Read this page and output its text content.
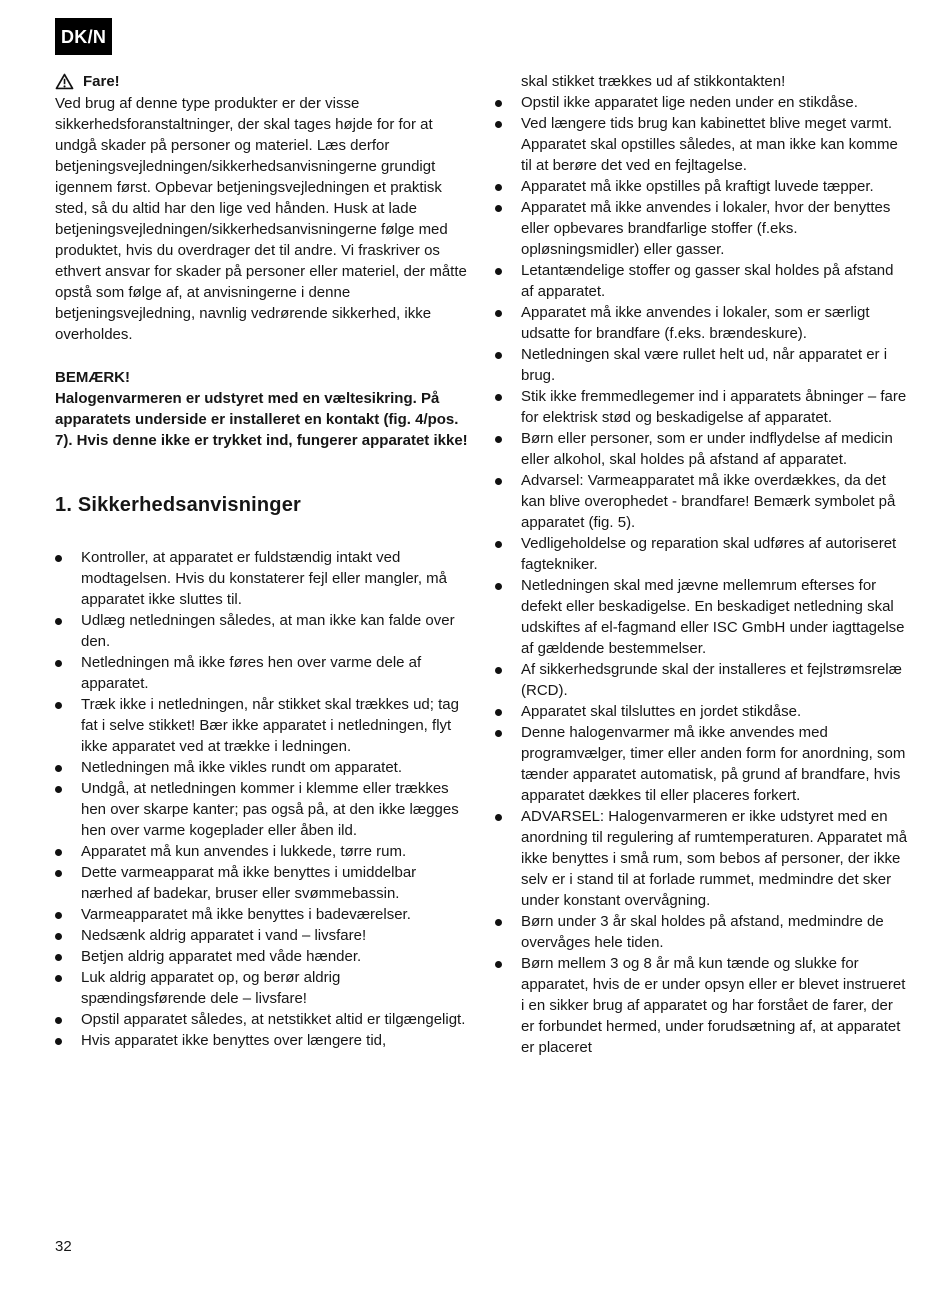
DK/N
Fare!

Ved brug af denne type produkter er der visse sikkerhedsforanstaltninger, der skal tages højde for for at undgå skader på personer og materiel. Læs derfor betjeningsvejledningen/sikkerhedsanvisningerne grundigt igennem først. Opbevar betjeningsvejledningen et praktisk sted, så du altid har den lige ved hånden. Husk at lade betjeningsvejledningen/sikkerhedsanvisningerne følge med produktet, hvis du overdrager det til andre. Vi fraskriver os ethvert ansvar for skader på personer eller materiel, der måtte opstå som følge af, at anvisningerne i denne betjeningsvejledning, navnlig vedrørende sikkerhed, ikke overholdes.

BEMÆRK!

Halogenvarmeren er udstyret med en væltesikring. På apparatets underside er installeret en kontakt (fig. 4/pos. 7). Hvis denne ikke er trykket ind, fungerer apparatet ikke!

1. Sikkerhedsanvisninger
Kontroller, at apparatet er fuldstændig intakt ved modtagelsen. Hvis du konstaterer fejl eller mangler, må apparatet ikke sluttes til.
Udlæg netledningen således, at man ikke kan falde over den.
Netledningen må ikke føres hen over varme dele af apparatet.
Træk ikke i netledningen, når stikket skal trækkes ud; tag fat i selve stikket! Bær ikke apparatet i netledningen, flyt ikke apparatet ved at trække i ledningen.
Netledningen må ikke vikles rundt om apparatet.
Undgå, at netledningen kommer i klemme eller trækkes hen over skarpe kanter; pas også på, at den ikke lægges hen over varme kogeplader eller åben ild.
Apparatet må kun anvendes i lukkede, tørre rum.
Dette varmeapparat må ikke benyttes i umiddelbar nærhed af badekar, bruser eller svømmebassin.
Varmeapparatet må ikke benyttes i badeværelser.
Nedsænk aldrig apparatet i vand – livsfare!
Betjen aldrig apparatet med våde hænder.
Luk aldrig apparatet op, og berør aldrig spændingsførende dele – livsfare!
Opstil apparatet således, at netstikket altid er tilgængeligt.
Hvis apparatet ikke benyttes over længere tid,

skal stikket trækkes ud af stikkontakten!

Opstil ikke apparatet lige neden under en stikdåse.
Ved længere tids brug kan kabinettet blive meget varmt. Apparatet skal opstilles således, at man ikke kan komme til at berøre det ved en fejltagelse.
Apparatet må ikke opstilles på kraftigt luvede tæpper.
Apparatet må ikke anvendes i lokaler, hvor der benyttes eller opbevares brandfarlige stoffer (f.eks. opløsningsmidler) eller gasser.
Letantændelige stoffer og gasser skal holdes på afstand af apparatet.
Apparatet må ikke anvendes i lokaler, som er særligt udsatte for brandfare (f.eks. brændeskure).
Netledningen skal være rullet helt ud, når apparatet er i brug.
Stik ikke fremmedlegemer ind i apparatets åbninger – fare for elektrisk stød og beskadigelse af apparatet.
Børn eller personer, som er under indflydelse af medicin eller alkohol, skal holdes på afstand af apparatet.
Advarsel: Varmeapparatet må ikke overdækkes, da det kan blive overophedet - brandfare! Bemærk symbolet på apparatet (fig. 5).
Vedligeholdelse og reparation skal udføres af autoriseret fagtekniker.
Netledningen skal med jævne mellemrum efterses for defekt eller beskadigelse. En beskadiget netledning skal udskiftes af el-fagmand eller ISC GmbH under iagttagelse af gældende bestemmelser.
Af sikkerhedsgrunde skal der installeres et fejlstrømsrelæ (RCD).
Apparatet skal tilsluttes en jordet stikdåse.
Denne halogenvarmer må ikke anvendes med programvælger, timer eller anden form for anordning, som tænder apparatet automatisk, på grund af brandfare, hvis apparatet dækkes til eller placeres forkert.
ADVARSEL: Halogenvarmeren er ikke udstyret med en anordning til regulering af rumtemperaturen. Apparatet må ikke benyttes i små rum, som bebos af personer, der ikke selv er i stand til at forlade rummet, medmindre det sker under konstant overvågning.
Børn under 3 år skal holdes på afstand, medmindre de overvåges hele tiden.
Børn mellem 3 og 8 år må kun tænde og slukke for apparatet, hvis de er under opsyn eller er blevet instrueret i en sikker brug af apparatet og har forstået de farer, der er forbundet hermed, under forudsætning af, at apparatet er placeret
32
